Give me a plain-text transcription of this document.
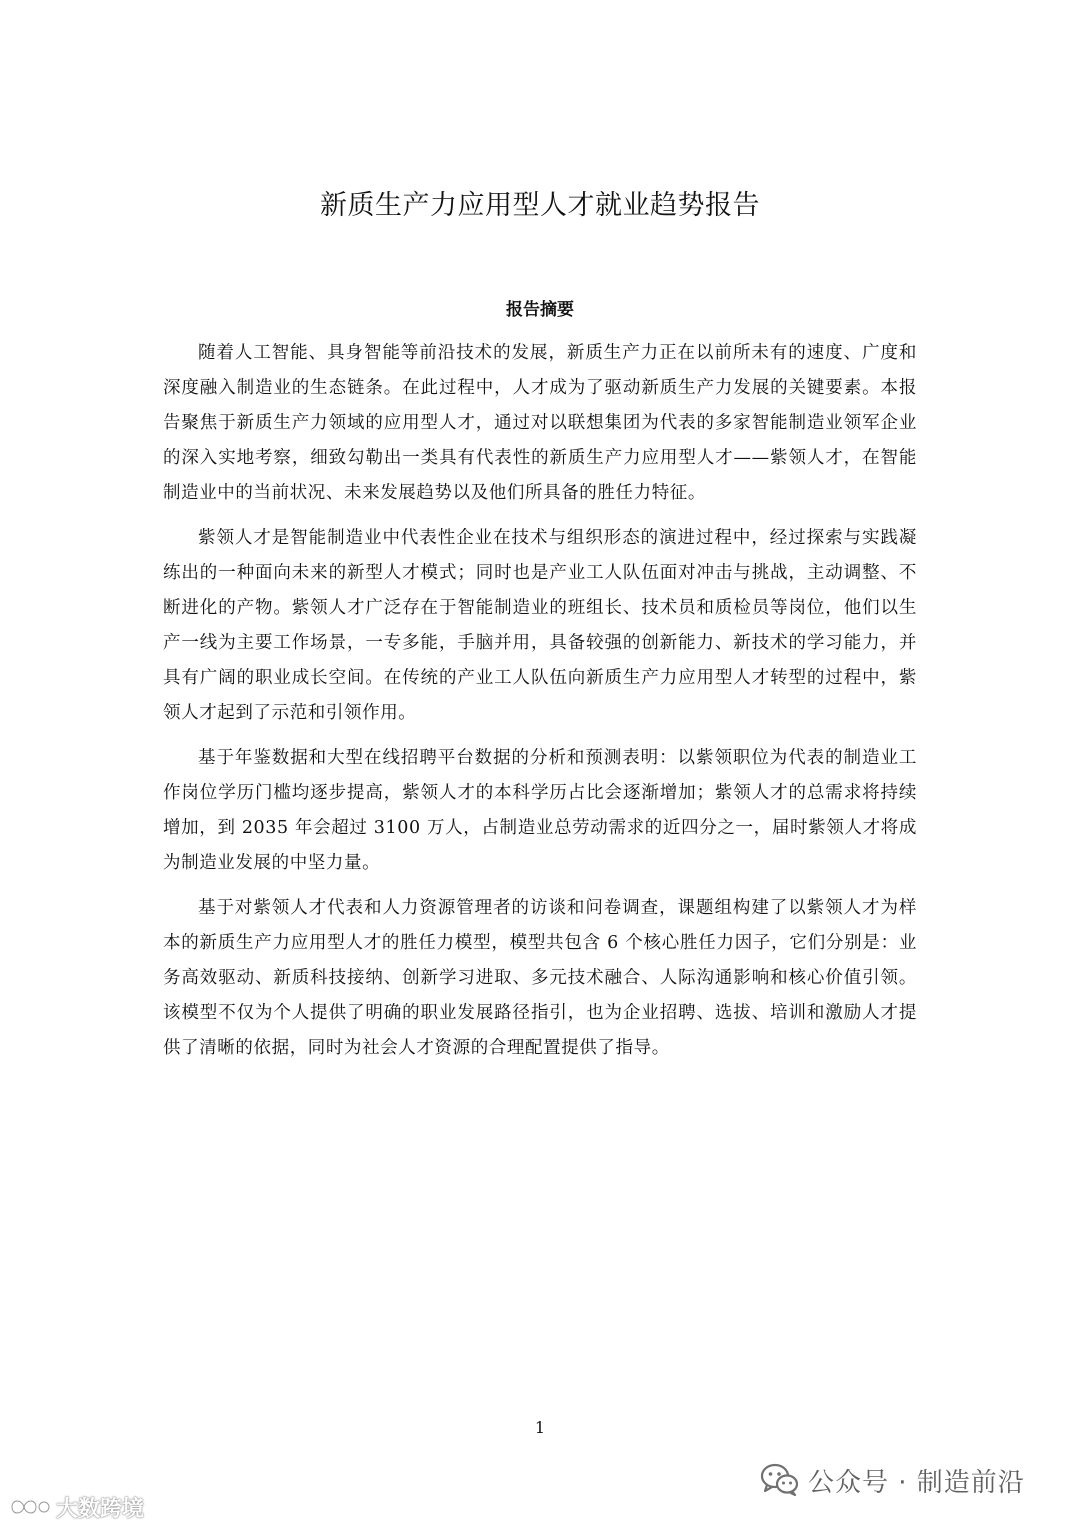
新质生产力应用型人才就业趋势报告
报告摘要

随着人工智能、具身智能等前沿技术的发展，新质生产力正在以前所未有的速度、广度和深度融入制造业的生态链条。在此过程中，人才成为了驱动新质生产力发展的关键要素。本报告聚焦于新质生产力领域的应用型人才，通过对以联想集团为代表的多家智能制造业领军企业的深入实地考察，细致勾勒出一类具有代表性的新质生产力应用型人才——紫领人才，在智能制造业中的当前状况、未来发展趋势以及他们所具备的胜任力特征。

紫领人才是智能制造业中代表性企业在技术与组织形态的演进过程中，经过探索与实践凝练出的一种面向未来的新型人才模式；同时也是产业工人队伍面对冲击与挑战，主动调整、不断进化的产物。紫领人才广泛存在于智能制造业的班组长、技术员和质检员等岗位，他们以生产一线为主要工作场景，一专多能，手脑并用，具备较强的创新能力、新技术的学习能力，并具有广阔的职业成长空间。在传统的产业工人队伍向新质生产力应用型人才转型的过程中，紫领人才起到了示范和引领作用。

基于年鉴数据和大型在线招聘平台数据的分析和预测表明：以紫领职位为代表的制造业工作岗位学历门槛均逐步提高，紫领人才的本科学历占比会逐渐增加；紫领人才的总需求将持续增加，到 2035 年会超过 3100 万人，占制造业总劳动需求的近四分之一，届时紫领人才将成为制造业发展的中坚力量。

基于对紫领人才代表和人力资源管理者的访谈和问卷调查，课题组构建了以紫领人才为样本的新质生产力应用型人才的胜任力模型，模型共包含 6 个核心胜任力因子，它们分别是：业务高效驱动、新质科技接纳、创新学习进取、多元技术融合、人际沟通影响和核心价值引领。该模型不仅为个人提供了明确的职业发展路径指引，也为企业招聘、选拔、培训和激励人才提供了清晰的依据，同时为社会人才资源的合理配置提供了指导。

1
公众号 · 制造前沿
大数跨境
